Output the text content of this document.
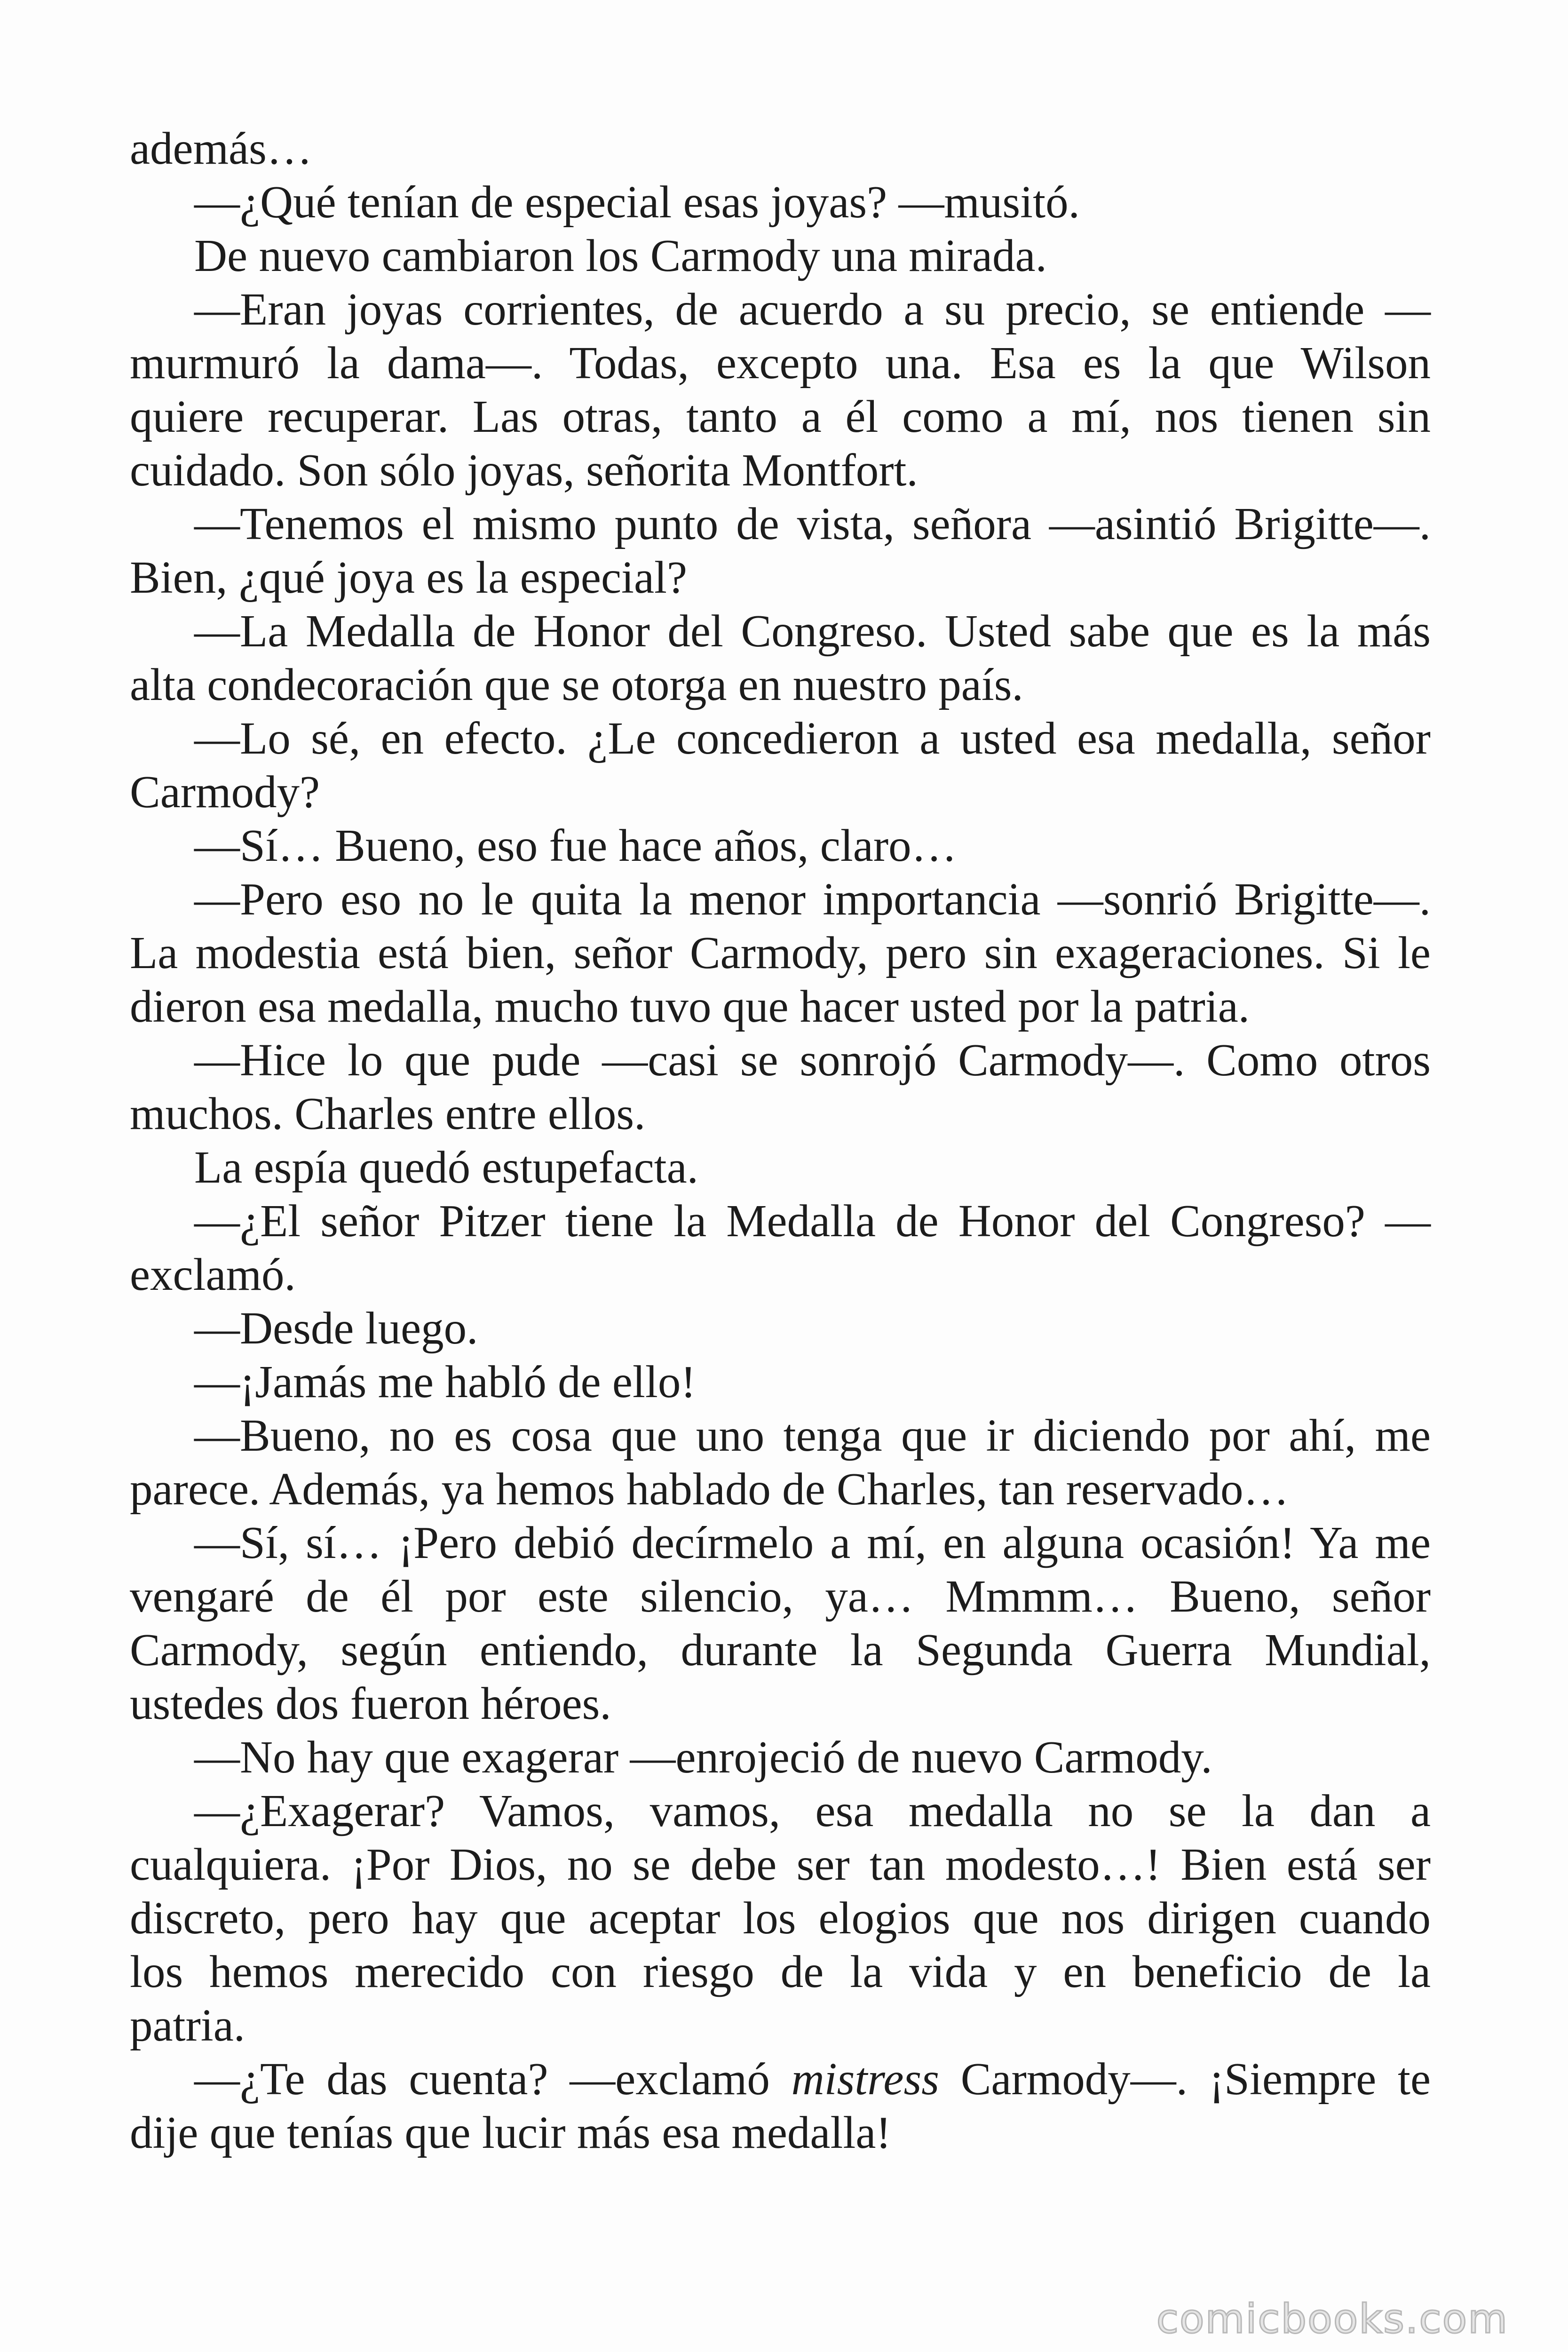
además…
—¿Qué tenían de especial esas joyas? —musitó.
De nuevo cambiaron los Carmody una mirada.
—Eran joyas corrientes, de acuerdo a su precio, se entiende —
murmuró la dama—. Todas, excepto una. Esa es la que Wilson
quiere recuperar. Las otras, tanto a él como a mí, nos tienen sin
cuidado. Son sólo joyas, señorita Montfort.
—Tenemos el mismo punto de vista, señora —asintió Brigitte—.
Bien, ¿qué joya es la especial?
—La Medalla de Honor del Congreso. Usted sabe que es la más
alta condecoración que se otorga en nuestro país.
—Lo sé, en efecto. ¿Le concedieron a usted esa medalla, señor
Carmody?
—Sí… Bueno, eso fue hace años, claro…
—Pero eso no le quita la menor importancia —sonrió Brigitte—.
La modestia está bien, señor Carmody, pero sin exageraciones. Si le
dieron esa medalla, mucho tuvo que hacer usted por la patria.
—Hice lo que pude —casi se sonrojó Carmody—. Como otros
muchos. Charles entre ellos.
La espía quedó estupefacta.
—¿El señor Pitzer tiene la Medalla de Honor del Congreso? —
exclamó.
—Desde luego.
—¡Jamás me habló de ello!
—Bueno, no es cosa que uno tenga que ir diciendo por ahí, me
parece. Además, ya hemos hablado de Charles, tan reservado…
—Sí, sí… ¡Pero debió decírmelo a mí, en alguna ocasión! Ya me
vengaré de él por este silencio, ya… Mmmm… Bueno, señor
Carmody, según entiendo, durante la Segunda Guerra Mundial,
ustedes dos fueron héroes.
—No hay que exagerar —enrojeció de nuevo Carmody.
—¿Exagerar? Vamos, vamos, esa medalla no se la dan a
cualquiera. ¡Por Dios, no se debe ser tan modesto…! Bien está ser
discreto, pero hay que aceptar los elogios que nos dirigen cuando
los hemos merecido con riesgo de la vida y en beneficio de la
patria.
—¿Te das cuenta? —exclamó mistress Carmody—. ¡Siempre te
dije que tenías que lucir más esa medalla!
comicbooks.com
